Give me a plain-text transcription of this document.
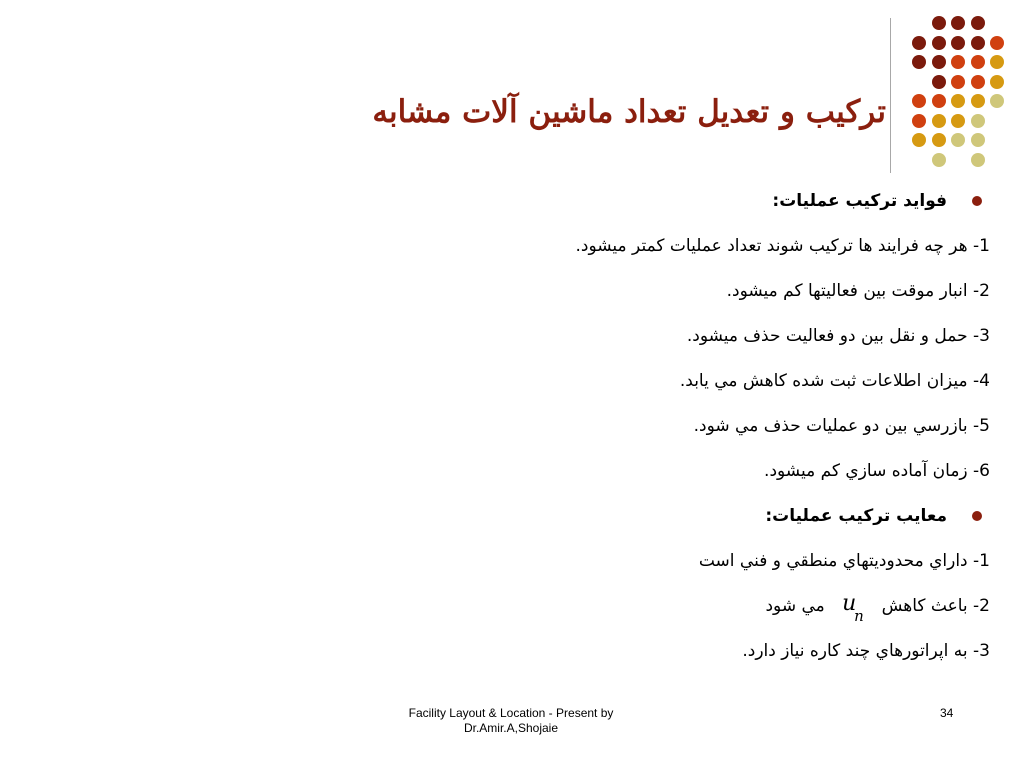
ترکيب و تعديل تعداد ماشين آلات مشابه
فوايد ترکيب عمليات:
1- هر چه فرايند ها ترکيب شوند تعداد عمليات کمتر ميشود.
2- انبار موقت بين فعاليتها کم ميشود.
3- حمل و نقل بين دو فعاليت حذف ميشود.
4- ميزان اطلاعات ثبت شده کاهش مي يابد.
5- بازرسي بين دو عمليات حذف مي شود.
6- زمان آماده سازي کم ميشود.
معايب ترکيب عمليات:
1- داراي محدوديتهاي منطقي و فني است
2- باعث کاهش
u
n
مي شود
3- به اپراتورهاي چند کاره نياز دارد.
Facility Layout & Location - Present by
Dr.Amir.A,Shojaie
34
